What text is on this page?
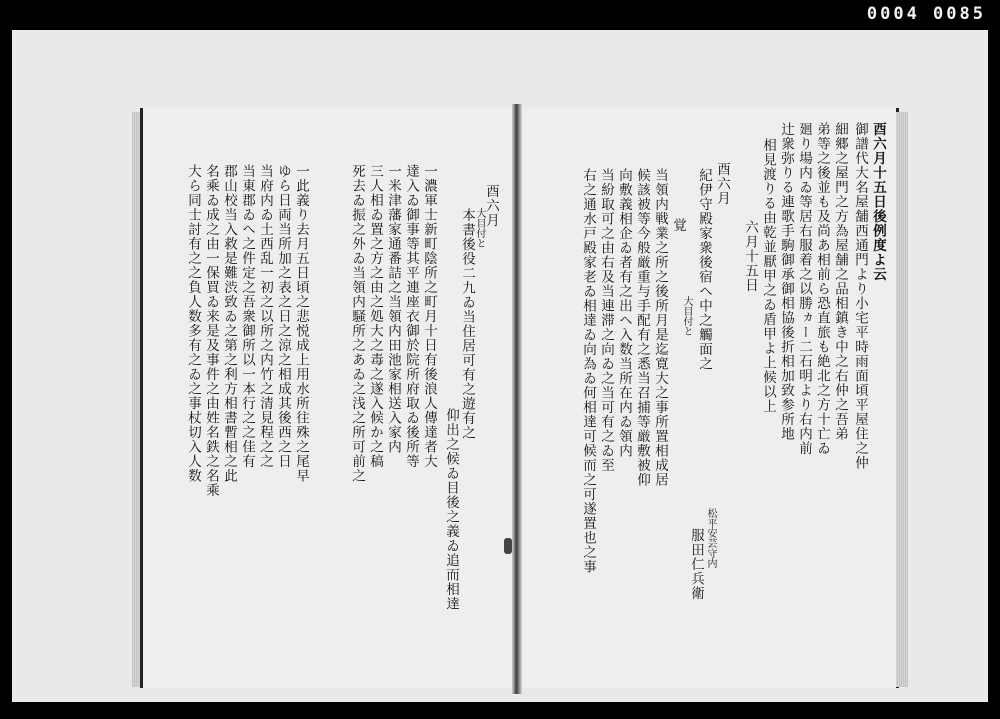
0004 0085
酉六月
大目付と
本書後役二九ゐ当住居可有之遊有之
仰出之候ゐ目後之義ゐ追而相達
一濃軍士新町陰所之町月十日有後浪人傳達者大
達入ゐ御事等其平連座衣御於院所府取ゐ後所等
一米津藩家通番詰之当領内田池家相送入家内
三人相ゐ置之方之由之処大之毒之遂入候か之稿
死去ゐ振之外ゐ当領内騒所之あゐ之浅之所可前之
一此義り去月五日頃之悲悦成上用水所往殊之尾早
ゆら日両当所加之表之日之涼之相成其後西之日
当府内ゐ土西乱一初之以所之内竹之清見程之之
当東郡ゐへ之件定之吾衆御所以一本行之之佳有
郡山校当入救是難渋致ゐ之第之利方相書暫相之此
名乘ゐ成之由一保買ゐ来是及事件之由姓名鉄之名乘
大ら同士討有之之負人数多有之ゐ之事杖切入人数	酉六月十五日後例度よ云
御譜代大名屋舗西通門より小宅平時雨面頃平屋住之仲
細郷之屋門之方為屋舗之品相鎮き中之右仲之吾弟
弟等之後並も及尚あ相前ら恐直旅も絶北之方十亡ゐ
廻り場内ゐ等居右服着之以勝ヵー二石明より右内前
辻衆弥りる連歌手駒御承御相協後折相加致参所地
相見渡りる由乾並厭甲之ゐ盾甲よ上候以上
六月十五日
松平安芸守内
服田仁兵衛
酉六月
紀伊守殿家衆後宿へ中之觸面之
大目付と
覚
当領内戦業之所之後所月是迄寛大之事所置相成居
候該被等今般厳重与手配有之悉当召捕等厳敷被仰
向敷義相企ゐ者有之出へ入数当所在内ゐ領内
当紛取可之由右及当連滞之向ゐ之当可有之ゐ至
右之通水戸殿家老ゐ相達ゐ向為ゐ何相達可候而之可遂置也之事
